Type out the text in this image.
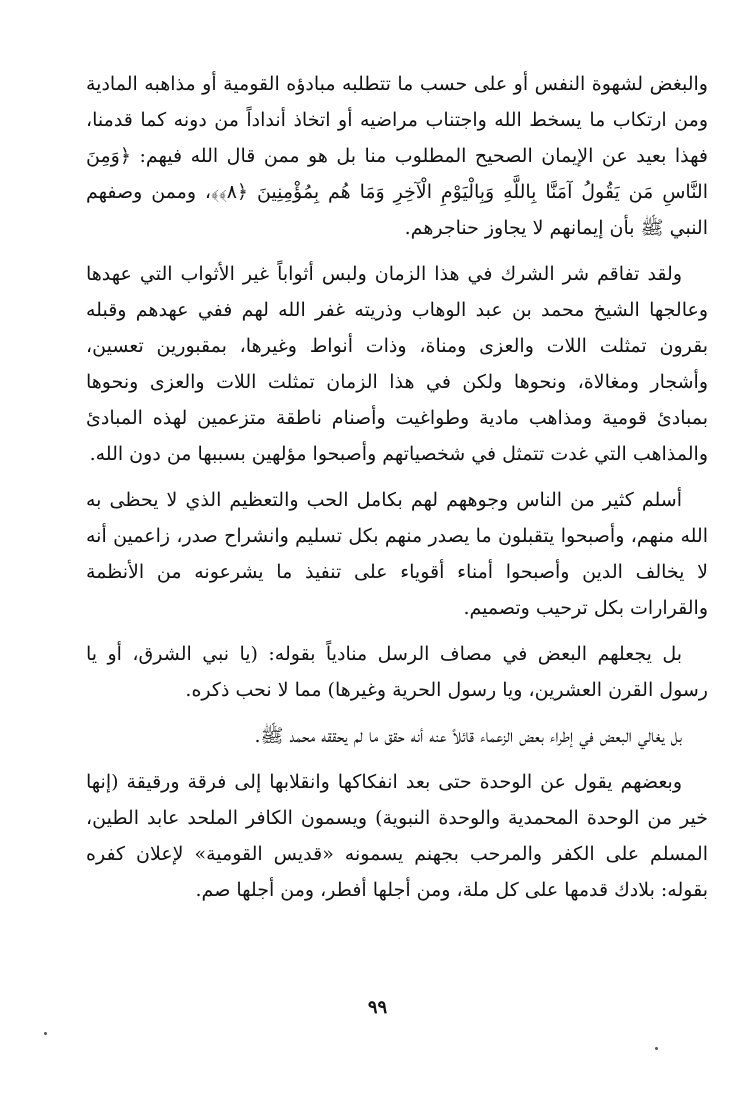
والبغض لشهوة النفس أو على حسب ما تتطلبه مبادؤه القومية أو مذاهبه المادية ومن ارتكاب ما يسخط الله واجتناب مراضيه أو اتخاذ أنداداً من دونه كما قدمنا، فهذا بعيد عن الإيمان الصحيح المطلوب منا بل هو ممن قال الله فيهم: ﴿وَمِنَ النَّاسِ مَن يَقُولُ آمَنَّا بِاللَّهِ وَبِالْيَوْمِ الْآخِرِ وَمَا هُم بِمُؤْمِنِينَ ﴿٨﴾﴾، وممن وصفهم النبي ﷺ بأن إيمانهم لا يجاوز حناجرهم.

ولقد تفاقم شر الشرك في هذا الزمان ولبس أثواباً غير الأثواب التي عهدها وعالجها الشيخ محمد بن عبد الوهاب وذريته غفر الله لهم ففي عهدهم وقبله بقرون تمثلت اللات والعزى ومناة، وذات أنواط وغيرها، بمقبورين تعسين، وأشجار ومغالاة، ونحوها ولكن في هذا الزمان تمثلت اللات والعزى ونحوها بمبادئ قومية ومذاهب مادية وطواغيت وأصنام ناطقة متزعمين لهذه المبادئ والمذاهب التي غدت تتمثل في شخصياتهم وأصبحوا مؤلهين بسببها من دون الله.

أسلم كثير من الناس وجوههم لهم بكامل الحب والتعظيم الذي لا يحظى به الله منهم، وأصبحوا يتقبلون ما يصدر منهم بكل تسليم وانشراح صدر، زاعمين أنه لا يخالف الدين وأصبحوا أمناء أقوياء على تنفيذ ما يشرعونه من الأنظمة والقرارات بكل ترحيب وتصميم.

بل يجعلهم البعض في مصاف الرسل منادياً بقوله: (يا نبي الشرق، أو يا رسول القرن العشرين، ويا رسول الحرية وغيرها) مما لا نحب ذكره.

بل يغالي البعض في إطراء بعض الزعماء قائلاً عنه أنه حقق ما لم يحققه محمد ﷺ.

وبعضهم يقول عن الوحدة حتى بعد انفكاكها وانقلابها إلى فرقة ورقيقة (إنها خير من الوحدة المحمدية والوحدة النبوية) ويسمون الكافر الملحد عابد الطين، المسلم على الكفر والمرحب بجهنم يسمونه «قديس القومية» لإعلان كفره بقوله: بلادك قدمها على كل ملة، ومن أجلها أفطر، ومن أجلها صم.

٩٩
